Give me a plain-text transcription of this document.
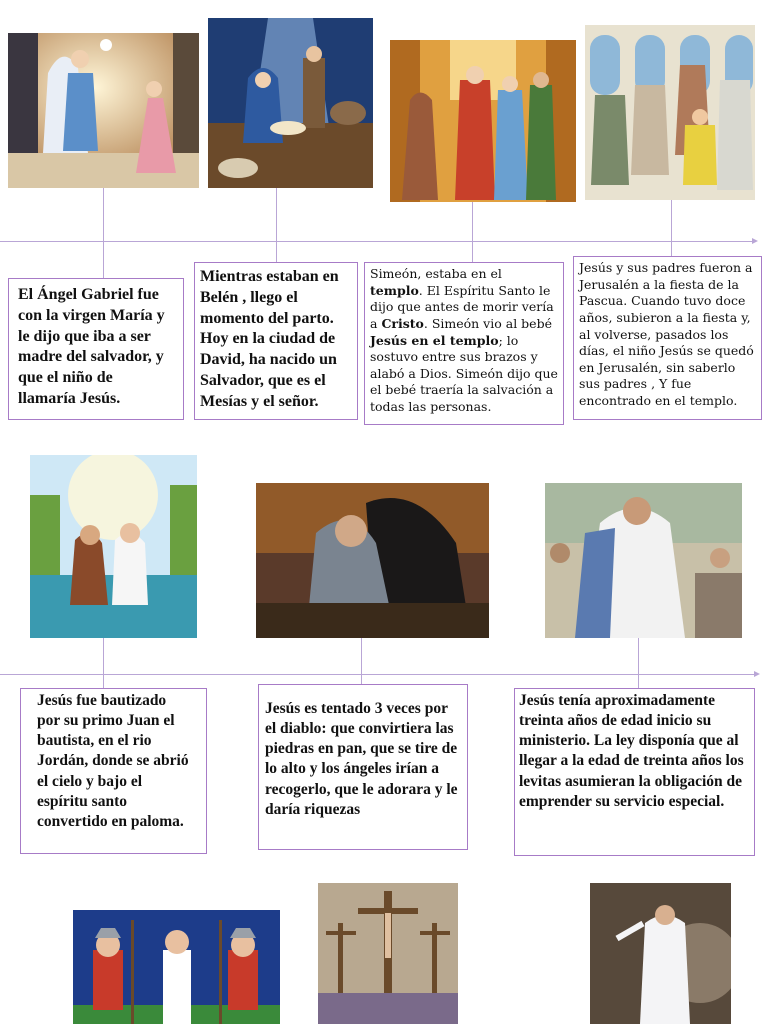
El Ángel Gabriel fue con la virgen María y le dijo que iba a ser madre del salvador, y que el niño de llamaría Jesús.
Mientras estaban en Belén , llego el momento del parto. Hoy en la ciudad de David, ha nacido un Salvador, que es el Mesías y el señor.
Simeón, estaba en el templo. El Espíritu Santo le dijo que antes de morir vería a Cristo. Simeón vio al bebé Jesús en el templo; lo sostuvo entre sus brazos y alabó a Dios. Simeón dijo que el bebé traería la salvación a todas las personas.
Jesús y sus padres fueron a Jerusalén a la fiesta de la Pascua. Cuando tuvo doce años, subieron a la fiesta y, al volverse, pasados los días, el niño Jesús se quedó en Jerusalén, sin saberlo sus padres , Y fue encontrado en el templo.
Jesús fue bautizado por su primo Juan el bautista, en el rio Jordán, donde se abrió el cielo y bajo el espíritu santo convertido en paloma.
Jesús es tentado 3 veces por el diablo: que convirtiera las piedras en pan, que se tire de lo alto y los ángeles irían a recogerlo, que le adorara y le daría riquezas
Jesús tenía aproximadamente treinta años de edad inicio su ministerio. La ley disponía que al llegar a la edad de treinta años los levitas asumieran la obligación de emprender su servicio especial.
